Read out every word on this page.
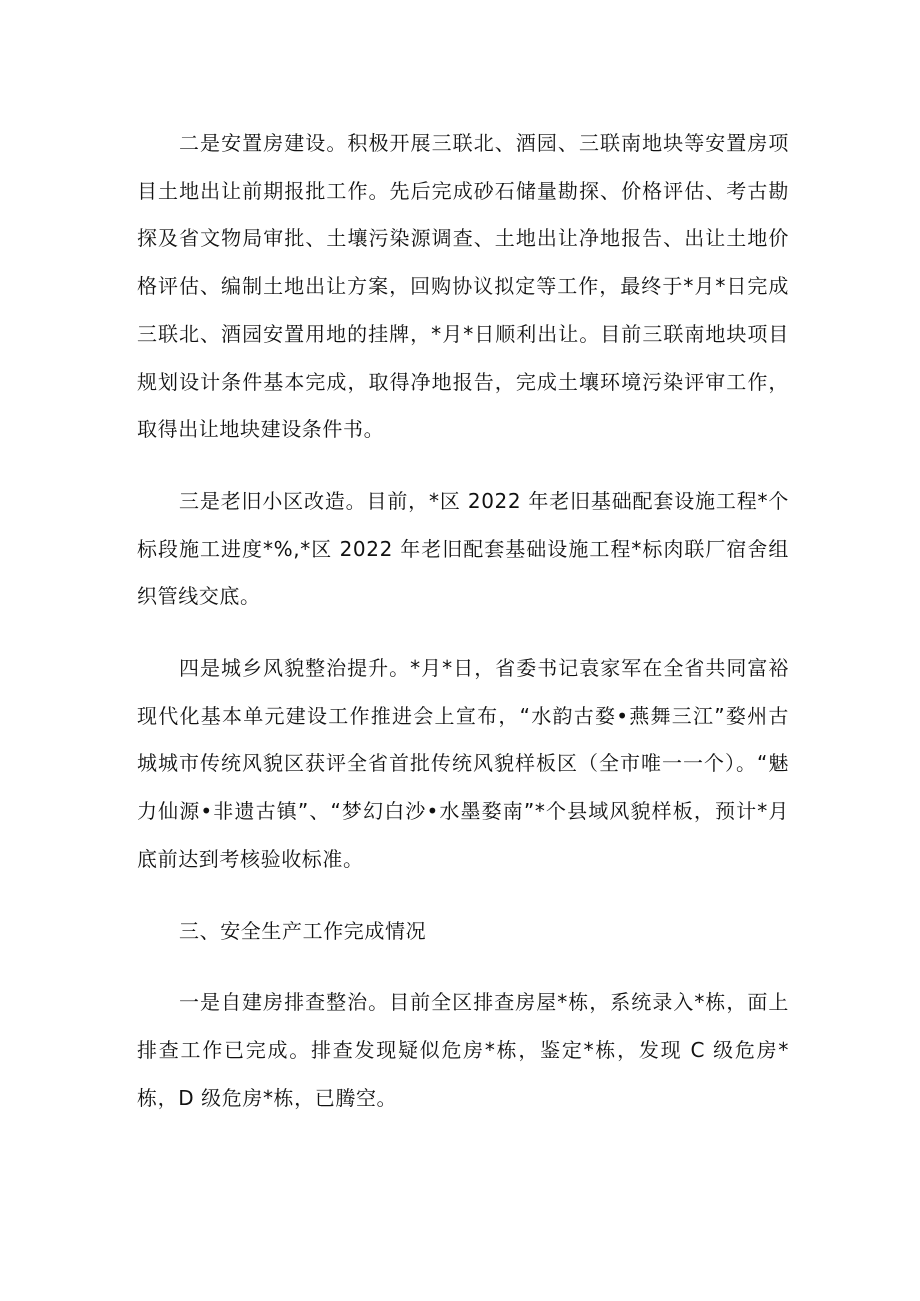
二是安置房建设。积极开展三联北、酒园、三联南地块等安置房项目土地出让前期报批工作。先后完成砂石储量勘探、价格评估、考古勘探及省文物局审批、土壤污染源调查、土地出让净地报告、出让土地价格评估、编制土地出让方案，回购协议拟定等工作，最终于*月*日完成三联北、酒园安置用地的挂牌，*月*日顺利出让。目前三联南地块项目规划设计条件基本完成，取得净地报告，完成土壤环境污染评审工作，取得出让地块建设条件书。

三是老旧小区改造。目前，*区 2022 年老旧基础配套设施工程*个标段施工进度*%,*区 2022 年老旧配套基础设施工程*标肉联厂宿舍组织管线交底。

四是城乡风貌整治提升。*月*日，省委书记袁家军在全省共同富裕现代化基本单元建设工作推进会上宣布，“水韵古婺•燕舞三江”婺州古城城市传统风貌区获评全省首批传统风貌样板区（全市唯一一个）。“魅力仙源•非遗古镇”、“梦幻白沙•水墨婺南”*个县域风貌样板，预计*月底前达到考核验收标准。

三、安全生产工作完成情况

一是自建房排查整治。目前全区排查房屋*栋，系统录入*栋，面上排查工作已完成。排查发现疑似危房*栋，鉴定*栋，发现 C 级危房*栋，D 级危房*栋，已腾空。
